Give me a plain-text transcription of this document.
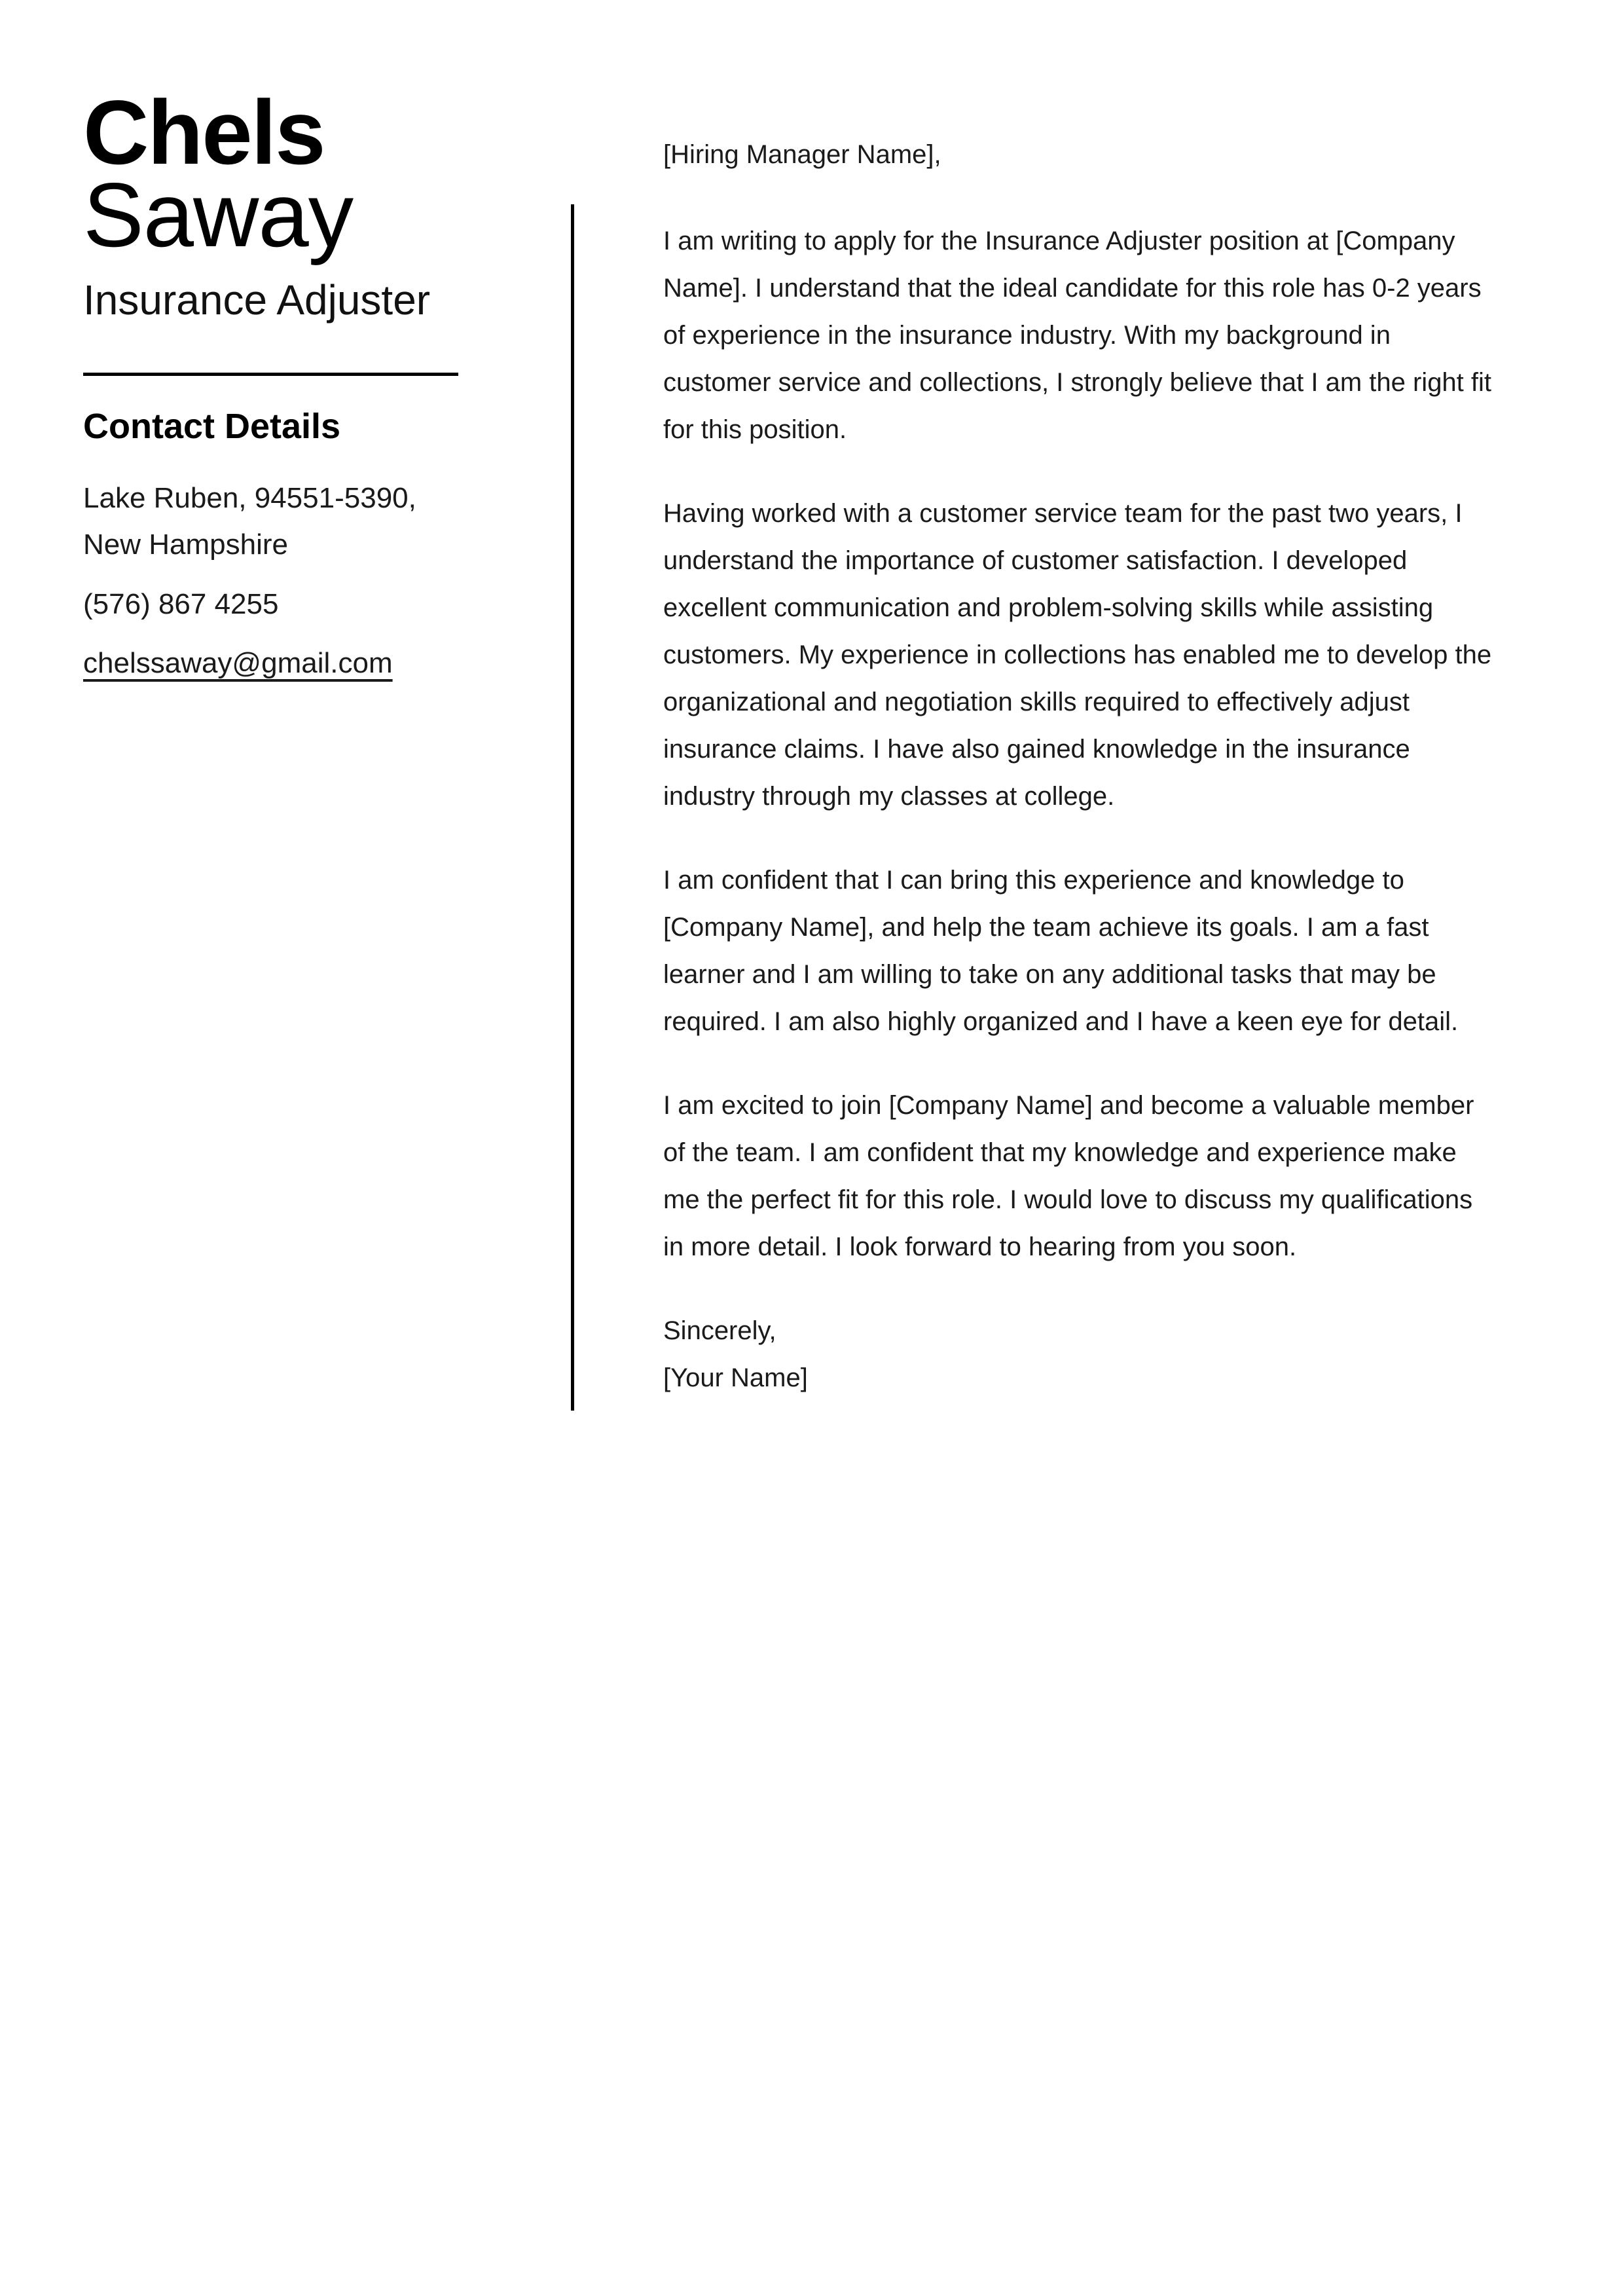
Chels
Saway
Insurance Adjuster
Contact Details

Lake Ruben, 94551-5390,
New Hampshire

(576) 867 4255

chelssaway@gmail.com

[Hiring Manager Name],

I am writing to apply for the Insurance Adjuster position at [Company Name]. I understand that the ideal candidate for this role has 0-2 years of experience in the insurance industry. With my background in customer service and collections, I strongly believe that I am the right fit for this position.

Having worked with a customer service team for the past two years, I understand the importance of customer satisfaction. I developed excellent communication and problem-solving skills while assisting customers. My experience in collections has enabled me to develop the organizational and negotiation skills required to effectively adjust insurance claims. I have also gained knowledge in the insurance industry through my classes at college.

I am confident that I can bring this experience and knowledge to [Company Name], and help the team achieve its goals. I am a fast learner and I am willing to take on any additional tasks that may be required. I am also highly organized and I have a keen eye for detail.

I am excited to join [Company Name] and become a valuable member of the team. I am confident that my knowledge and experience make me the perfect fit for this role. I would love to discuss my qualifications in more detail. I look forward to hearing from you soon.

Sincerely,
[Your Name]
